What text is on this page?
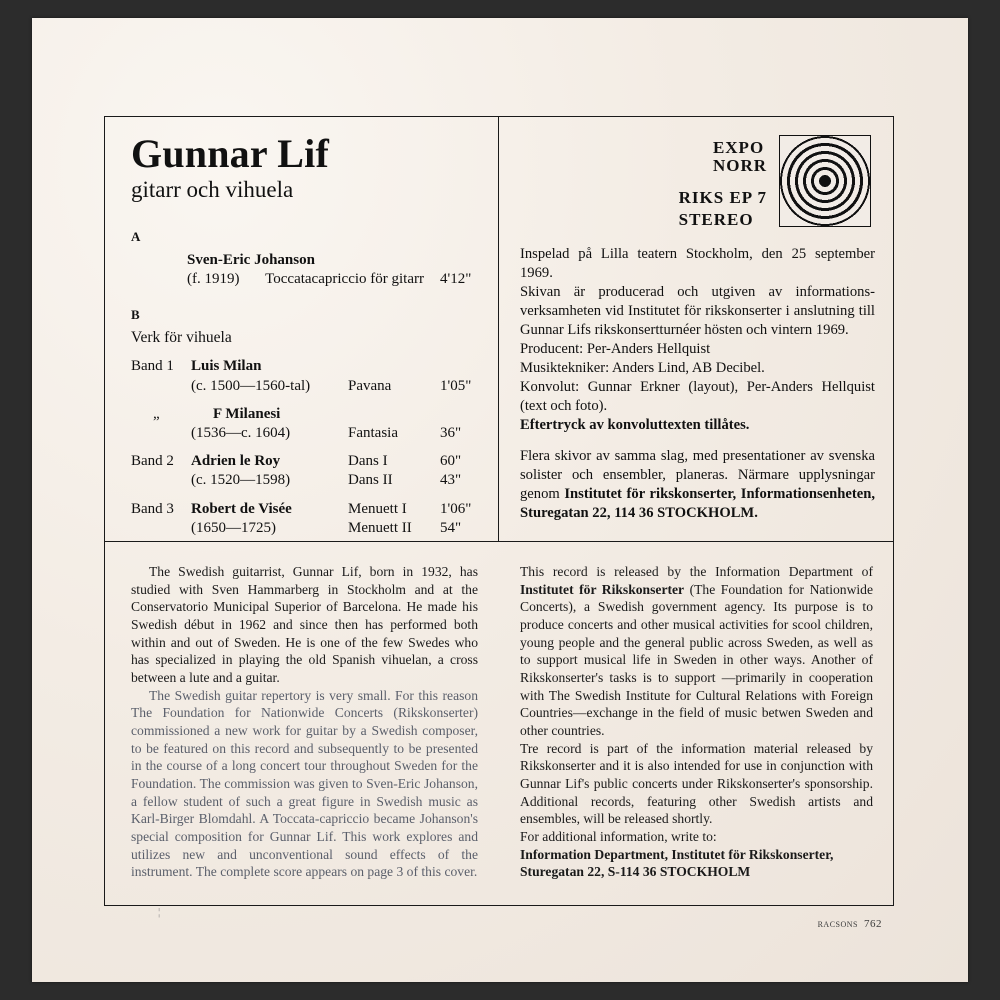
Gunnar Lif
gitarr och vihuela
A
Sven-Eric Johanson
(f. 1919)	Toccatacapriccio för gitarr 4'12"
B
Verk för vihuela
Band 1	Luis Milan
(c. 1500—1560-tal)	Pavana	1'05"
„	F Milanesi
(1536—c. 1604)	Fantasia	36"
Band 2	Adrien le Roy	Dans I	60"
(c. 1520—1598)	Dans II	43"
Band 3	Robert de Visée	Menuett I	1'06"
(1650—1725)	Menuett II	54"
EXPO
NORR
RIKS EP 7
STEREO

Inspelad på Lilla teatern Stockholm, den 25 september 1969.

Skivan är producerad och utgiven av informations-verksamheten vid Institutet för rikskonserter i anslutning till Gunnar Lifs rikskonsertturnéer hösten och vintern 1969.

Producent: Per-Anders Hellquist

Musiktekniker: Anders Lind, AB Decibel.

Konvolut: Gunnar Erkner (layout), Per-Anders Hellquist (text och foto).

Eftertryck av konvoluttexten tillåtes.

Flera skivor av samma slag, med presentationer av svenska solister och ensembler, planeras. Närmare upplysningar genom Institutet för rikskonserter, Informationsenheten, Sturegatan 22, 114 36 STOCKHOLM.

The Swedish guitarrist, Gunnar Lif, born in 1932, has studied with Sven Hammarberg in Stockholm and at the Conservatorio Municipal Superior of Barcelona. He made his Swedish début in 1962 and since then has performed both within and out of Sweden. He is one of the few Swedes who has specialized in playing the old Spanish vihuelan, a cross between a lute and a guitar.

The Swedish guitar repertory is very small. For this reason The Foundation for Nationwide Concerts (Rikskonserter) commissioned a new work for guitar by a Swedish composer, to be featured on this record and subsequently to be presented in the course of a long concert tour throughout Sweden for the Foundation. The commission was given to Sven-Eric Johanson, a fellow student of such a great figure in Swedish music as Karl-Birger Blomdahl. A Toccata-capriccio became Johanson's special composition for Gunnar Lif. This work explores and utilizes new and unconventional sound effects of the instrument. The complete score appears on page 3 of this cover.

This record is released by the Information Department of Institutet för Rikskonserter (The Foundation for Nationwide Concerts), a Swedish government agency. Its purpose is to produce concerts and other musical activities for scool children, young people and the general public across Sweden, as well as to support musical life in Sweden in other ways. Another of Rikskonserter's tasks is to support —primarily in cooperation with The Swedish Institute for Cultural Relations with Foreign Countries—exchange in the field of music betwen Sweden and other countries.

Tre record is part of the information material released by Rikskonserter and it is also intended for use in conjunction with Gunnar Lif's public concerts under Rikskonserter's sponsorship. Additional records, featuring other Swedish artists and ensembles, will be released shortly.

For additional information, write to:

Information Department, Institutet för Rikskonserter,

Sturegatan 22, S-114 36 STOCKHOLM

RACSONS 762
¦
